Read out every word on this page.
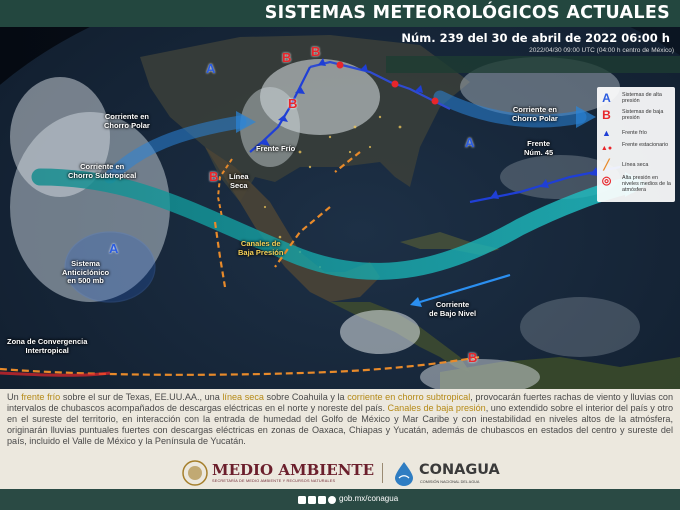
SISTEMAS METEOROLÓGICOS ACTUALES
Corriente en
Chorro Polar
Corriente en
Chorro Polar
Corriente en
Chorro Subtropical
Frente Frío
Línea
Seca
Canales de
Baja Presión
Sistema
Anticiclónico
en 500 mb
Frente
Núm. 45
Corriente
de Bajo Nivel
Zona de Convergencia
Intertropical
A
A
A
B B
B
B
B
A	Sistemas de alta presión
B	Sistemas de baja presión
▲	Frente frío
▲● Frente estacionario
╱	Línea seca
◎	Alta presión en niveles medios de la atmósfera
Núm. 239 del 30 de abril de 2022 06:00 h
2022/04/30 09:00 UTC (04:00 h centro de México)
Un frente frío sobre el sur de Texas, EE.UU.AA., una línea seca sobre Coahuila y la corriente en chorro subtropical, provocarán fuertes rachas de viento y lluvias con intervalos de chubascos acompañados de descargas eléctricas en el norte y noreste del país. Canales de baja presión, uno extendido sobre el interior del país y otro en el sureste del territorio, en interacción con la entrada de humedad del Golfo de México y Mar Caribe y con inestabilidad en niveles altos de la atmósfera, originarán lluvias puntuales fuertes con descargas eléctricas en zonas de Oaxaca, Chiapas y Yucatán, además de chubascos en estados del centro y sureste del país, incluido el Valle de México y la Península de Yucatán.
MEDIO AMBIENTE
SECRETARÍA DE MEDIO AMBIENTE Y RECURSOS NATURALES
CONAGUA
COMISIÓN NACIONAL DEL AGUA
gob.mx/conagua
